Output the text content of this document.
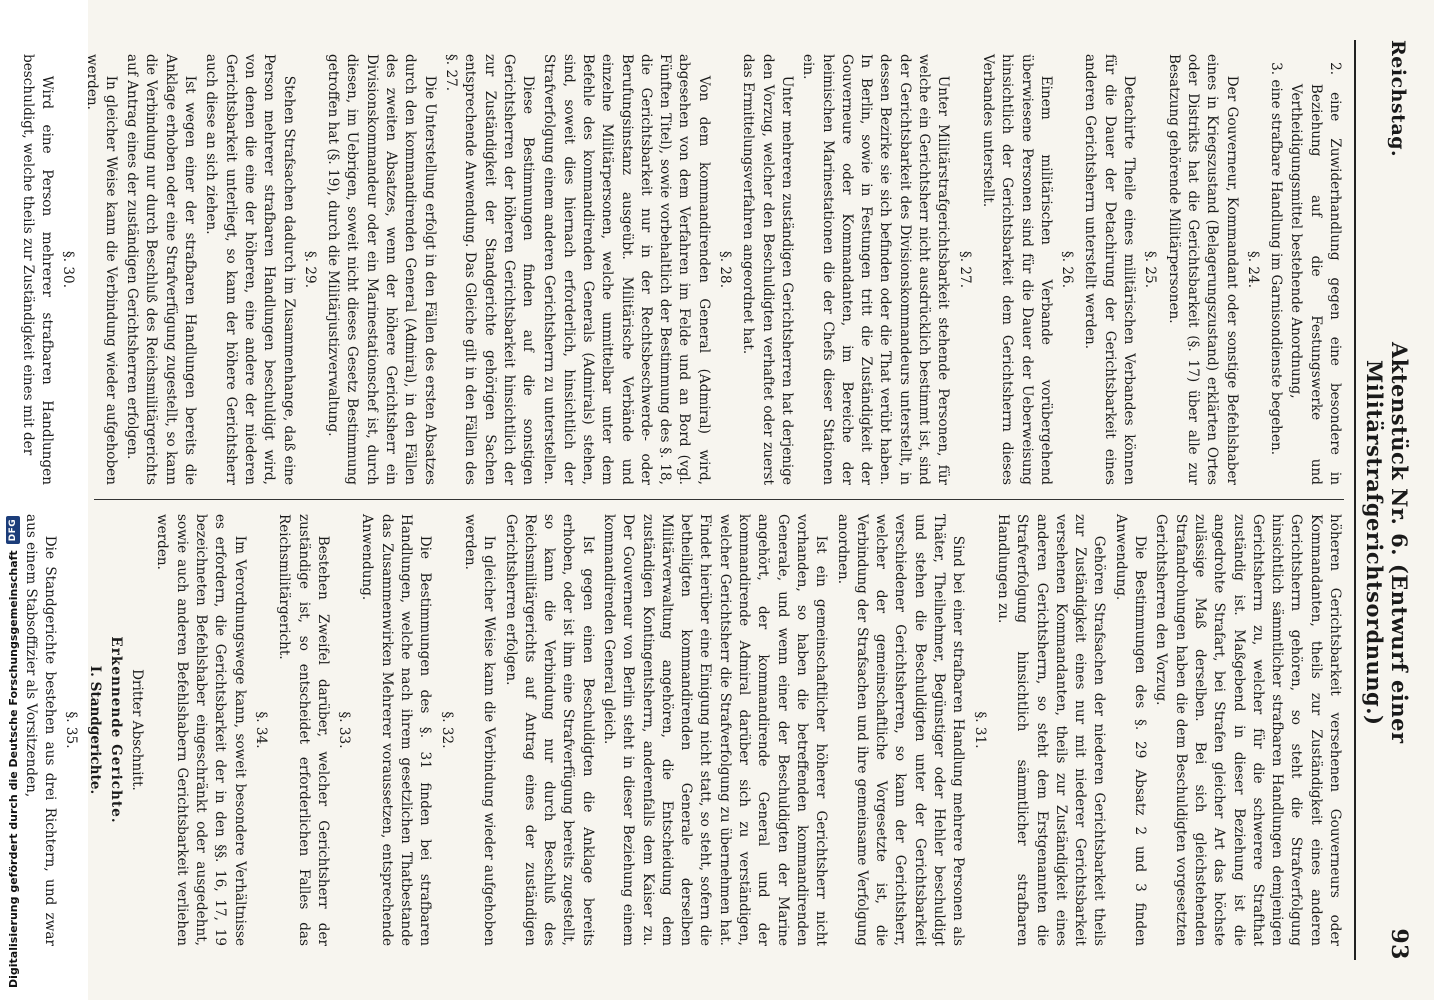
Digitalisierung gefördert durch die Deutsche Forschungsgemeinschaft
DFG
Reichstag.
Aktenstück Nr. 6. (Entwurf einer Militärstrafgerichtsordnung.)
93

2. eine Zuwiderhandlung gegen eine besondere in Beziehung auf die Festungswerke und Vertheidigungsmittel bestehende Anordnung,

3. eine strafbare Handlung im Garnisondienste begehen.

§. 24.

Der Gouverneur, Kommandant oder sonstige Befehlshaber eines in Kriegszustand (Belagerungszustand) erklärten Ortes oder Distrikts hat die Gerichtsbarkeit (§. 17) über alle zur Besatzung gehörende Militärpersonen.

§. 25.

Detachirte Theile eines militärischen Verbandes können für die Dauer der Detachirung der Gerichtsbarkeit eines anderen Gerichtsherrn unterstellt werden.

§. 26.

Einem militärischen Verbande vorübergehend überwiesene Personen sind für die Dauer der Ueberweisung hinsichtlich der Gerichtsbarkeit dem Gerichtsherrn dieses Verbandes unterstellt.

§. 27.

Unter Militärstrafgerichtsbarkeit stehende Personen, für welche ein Gerichtsherr nicht ausdrücklich bestimmt ist, sind der Gerichtsbarkeit des Divisionskommandeurs unterstellt, in dessen Bezirke sie sich befinden oder die That verübt haben. In Berlin, sowie in Festungen tritt die Zuständigkeit der Gouverneure oder Kommandanten, im Bereiche der heimischen Marinestationen die der Chefs dieser Stationen ein.

Unter mehreren zuständigen Gerichtsherren hat derjenige den Vorzug, welcher den Beschuldigten verhaftet oder zuerst das Ermittelungsverfahren angeordnet hat.

§. 28.

Von dem kommandirenden General (Admiral) wird, abgesehen von dem Verfahren im Felde und an Bord (vgl. Fünften Titel), sowie vorbehaltlich der Bestimmung des §. 18, die Gerichtsbarkeit nur in der Rechtsbeschwerde- oder Berufungsinstanz ausgeübt. Militärische Verbände und einzelne Militärpersonen, welche unmittelbar unter dem Befehle des kommandirenden Generals (Admirals) stehen, sind, soweit dies hiernach erforderlich, hinsichtlich der Strafverfolgung einem anderen Gerichtsherrn zu unterstellen.

Diese Bestimmungen finden auf die sonstigen Gerichtsherren der höheren Gerichtsbarkeit hinsichtlich der zur Zuständigkeit der Standgerichte gehörigen Sachen entsprechende Anwendung. Das Gleiche gilt in den Fällen des §. 27.

Die Unterstellung erfolgt in den Fällen des ersten Absatzes durch den kommandirenden General (Admiral), in den Fällen des zweiten Absatzes, wenn der höhere Gerichtsherr ein Divisionskommandeur oder ein Marinestationschef ist, durch diesen, im Uebrigen, soweit nicht dieses Gesetz Bestimmung getroffen hat (§. 19), durch die Militärjustizverwaltung.

§. 29.

Stehen Strafsachen dadurch im Zusammenhange, daß eine Person mehrerer strafbaren Handlungen beschuldigt wird, von denen die eine der höheren, eine andere der niederen Gerichtsbarkeit unterliegt, so kann der höhere Gerichtsherr auch diese an sich ziehen.

Ist wegen einer der strafbaren Handlungen bereits die Anklage erhoben oder eine Strafverfügung zugestellt, so kann die Verbindung nur durch Beschluß des Reichsmilitärgerichts auf Antrag eines der zuständigen Gerichtsherren erfolgen.

In gleicher Weise kann die Verbindung wieder aufgehoben werden.

§. 30.

Wird eine Person mehrerer strafbaren Handlungen beschuldigt, welche theils zur Zuständigkeit eines mit der

höheren Gerichtsbarkeit versehenen Gouverneurs oder Kommandanten, theils zur Zuständigkeit eines anderen Gerichtsherrn gehören, so steht die Strafverfolgung hinsichtlich sämmtlicher strafbaren Handlungen demjenigen Gerichtsherrn zu, welcher für die schwerere Strafthat zuständig ist. Maßgebend in dieser Beziehung ist die angedrohte Strafart, bei Strafen gleicher Art das höchste zulässige Maß derselben. Bei sich gleichstehenden Strafandrohungen haben die dem Beschuldigten vorgesetzten Gerichtsherren den Vorzug.

Die Bestimmungen des §. 29 Absatz 2 und 3 finden Anwendung.

Gehören Strafsachen der niederen Gerichtsbarkeit theils zur Zuständigkeit eines nur mit niederer Gerichtsbarkeit versehenen Kommandanten, theils zur Zuständigkeit eines anderen Gerichtsherrn, so steht dem Erstgenannten die Strafverfolgung hinsichtlich sämmtlicher strafbaren Handlungen zu.

§. 31.

Sind bei einer strafbaren Handlung mehrere Personen als Thäter, Theilnehmer, Begünstiger oder Hehler beschuldigt und stehen die Beschuldigten unter der Gerichtsbarkeit verschiedener Gerichtsherren, so kann der Gerichtsherr, welcher der gemeinschaftliche Vorgesetzte ist, die Verbindung der Strafsachen und ihre gemeinsame Verfolgung anordnen.

Ist ein gemeinschaftlicher höherer Gerichtsherr nicht vorhanden, so haben die betreffenden kommandirenden Generale, und wenn einer der Beschuldigten der Marine angehört, der kommandirende General und der kommandirende Admiral darüber sich zu verständigen, welcher Gerichtsherr die Strafverfolgung zu übernehmen hat. Findet hierüber eine Einigung nicht statt, so steht, sofern die betheiligten kommandirenden Generale derselben Militärverwaltung angehören, die Entscheidung dem zuständigen Kontingentsherrn, anderenfalls dem Kaiser zu. Der Gouverneur von Berlin steht in dieser Beziehung einem kommandirenden General gleich.

Ist gegen einen Beschuldigten die Anklage bereits erhoben, oder ist ihm eine Strafverfügung bereits zugestellt, so kann die Verbindung nur durch Beschluß des Reichsmilitärgerichts auf Antrag eines der zuständigen Gerichtsherren erfolgen.

In gleicher Weise kann die Verbindung wieder aufgehoben werden.

§. 32.

Die Bestimmungen des §. 31 finden bei strafbaren Handlungen, welche nach ihrem gesetzlichen Thatbestande das Zusammenwirken Mehrerer voraussetzen, entsprechende Anwendung.

§. 33.

Bestehen Zweifel darüber, welcher Gerichtsherr der zuständige ist, so entscheidet erforderlichen Falles das Reichsmilitärgericht.

§. 34.

Im Verordnungswege kann, soweit besondere Verhältnisse es erfordern, die Gerichtsbarkeit der in den §§. 16, 17, 19 bezeichneten Befehlshaber eingeschränkt oder ausgedehnt, sowie auch anderen Befehlshabern Gerichtsbarkeit verliehen werden.

Dritter Abschnitt.
Erkennende Gerichte.
I. Standgerichte.
§. 35.

Die Standgerichte bestehen aus drei Richtern, und zwar aus einem Stabsoffizier als Vorsitzenden,
